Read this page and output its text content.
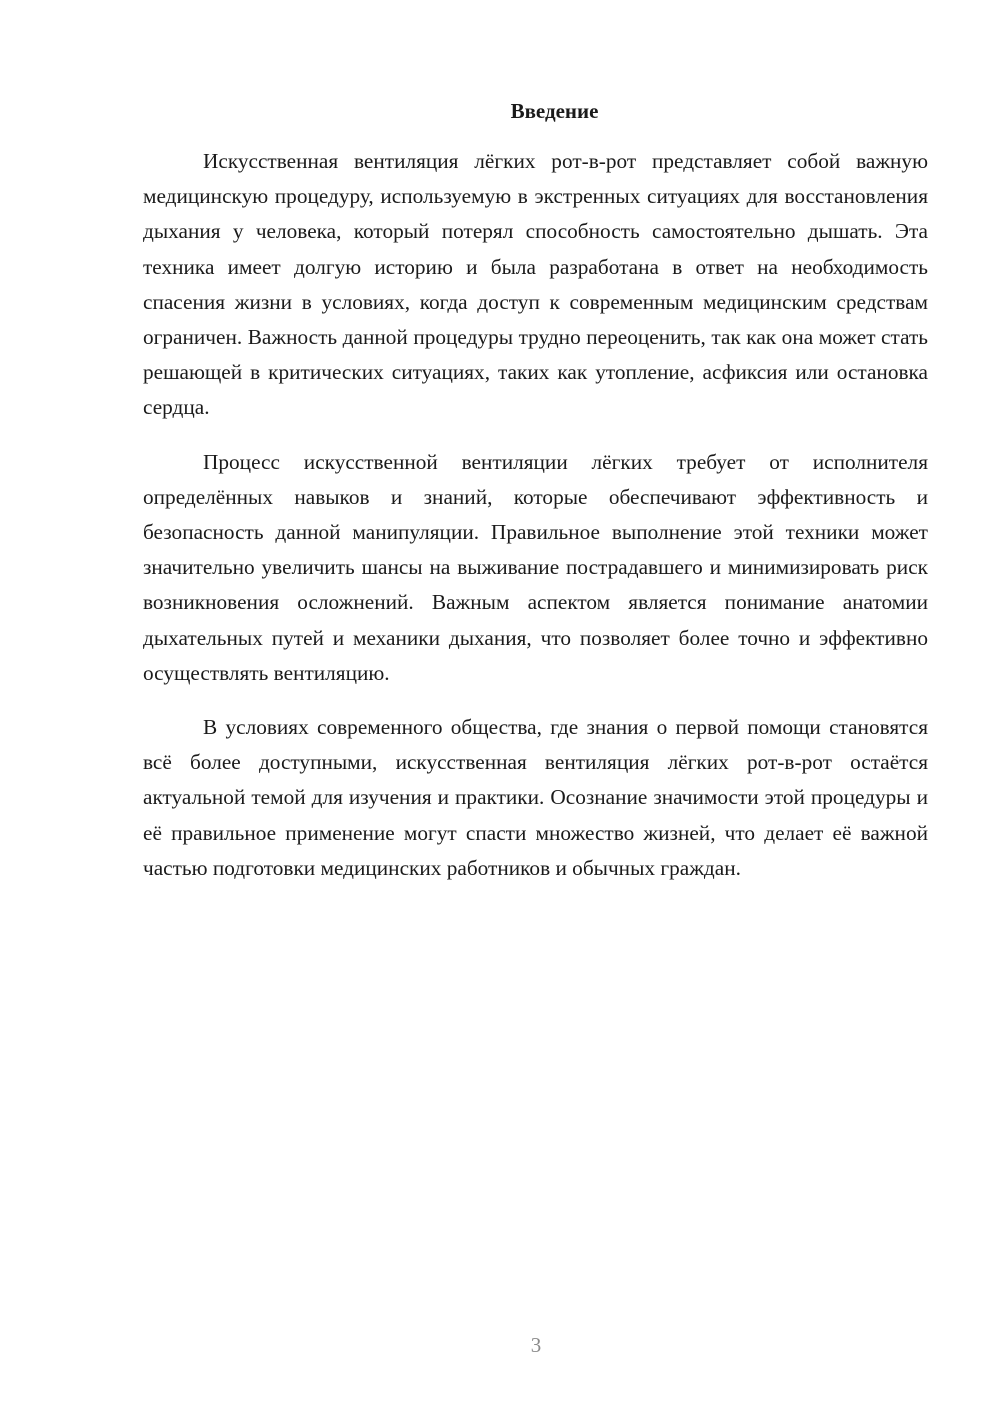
Введение

Искусственная вентиляция лёгких рот-в-рот представляет собой важную медицинскую процедуру, используемую в экстренных ситуациях для восстановления дыхания у человека, который потерял способность самостоятельно дышать. Эта техника имеет долгую историю и была разработана в ответ на необходимость спасения жизни в условиях, когда доступ к современным медицинским средствам ограничен. Важность данной процедуры трудно переоценить, так как она может стать решающей в критических ситуациях, таких как утопление, асфиксия или остановка сердца.

Процесс искусственной вентиляции лёгких требует от исполнителя определённых навыков и знаний, которые обеспечивают эффективность и безопасность данной манипуляции. Правильное выполнение этой техники может значительно увеличить шансы на выживание пострадавшего и минимизировать риск возникновения осложнений. Важным аспектом является понимание анатомии дыхательных путей и механики дыхания, что позволяет более точно и эффективно осуществлять вентиляцию.

В условиях современного общества, где знания о первой помощи становятся всё более доступными, искусственная вентиляция лёгких рот-в-рот остаётся актуальной темой для изучения и практики. Осознание значимости этой процедуры и её правильное применение могут спасти множество жизней, что делает её важной частью подготовки медицинских работников и обычных граждан.

3
